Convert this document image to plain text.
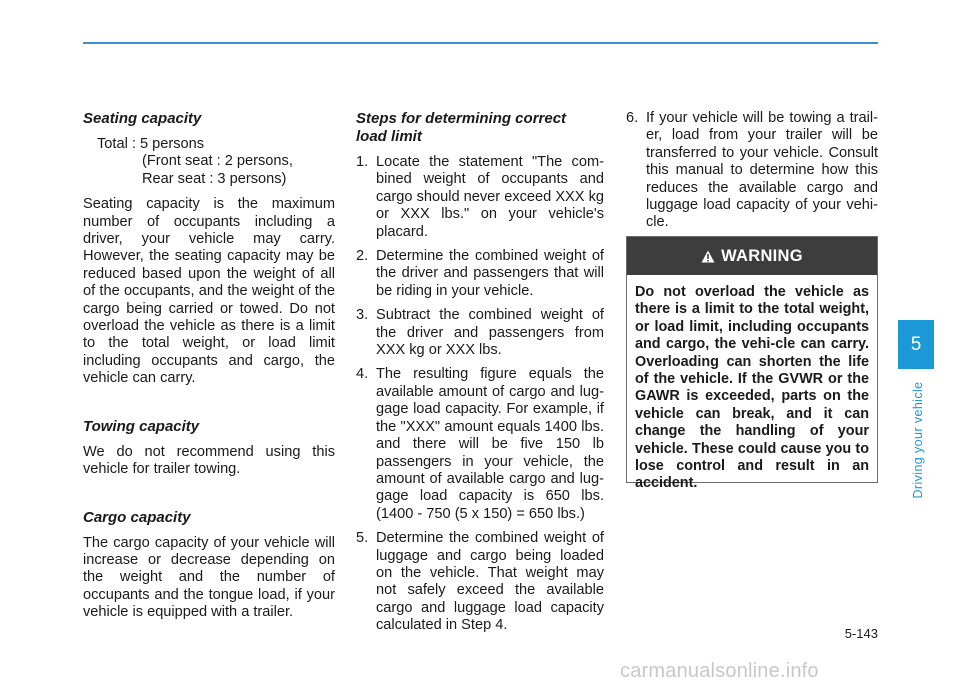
Seating capacity
Total : 5 persons
(Front seat : 2 persons,
Rear seat : 3 persons)
Seating capacity is the maximum number of occupants including a driver, your vehicle may carry. However, the seating capacity may be reduced based upon the weight of all of the occupants, and the weight of the cargo being carried or towed. Do not overload the vehicle as there is a limit to the total weight, or load limit including occupants and cargo, the vehicle can carry.
Towing capacity
We do not recommend using this vehicle for trailer towing.
Cargo capacity
The cargo capacity of your vehicle will increase or decrease depending on the weight and the number of occupants and the tongue load, if your vehicle is equipped with a trailer.
Steps for determining correct load limit
1. Locate the statement "The com-bined weight of occupants and cargo should never exceed XXX kg or XXX lbs." on your vehicle's placard.
2. Determine the combined weight of the driver and passengers that will be riding in your vehicle.
3. Subtract the combined weight of the driver and passengers from XXX kg or XXX lbs.
4. The resulting figure equals the available amount of cargo and lug-gage load capacity. For example, if the "XXX" amount equals 1400 lbs. and there will be five 150 lb passengers in your vehicle, the amount of available cargo and lug-gage load capacity is 650 lbs. (1400 - 750 (5 x 150) = 650 lbs.)
5. Determine the combined weight of luggage and cargo being loaded on the vehicle. That weight may not safely exceed the available cargo and luggage load capacity calculated in Step 4.
6. If your vehicle will be towing a trail-er, load from your trailer will be transferred to your vehicle. Consult this manual to determine how this reduces the available cargo and luggage load capacity of your vehi-cle.
WARNING
Do not overload the vehicle as there is a limit to the total weight, or load limit, including occupants and cargo, the vehi-cle can carry. Overloading can shorten the life of the vehicle. If the GVWR or the GAWR is exceeded, parts on the vehicle can break, and it can change the handling of your vehicle. These could cause you to lose control and result in an accident.
5
Driving your vehicle
5-143
carmanualsonline.info
